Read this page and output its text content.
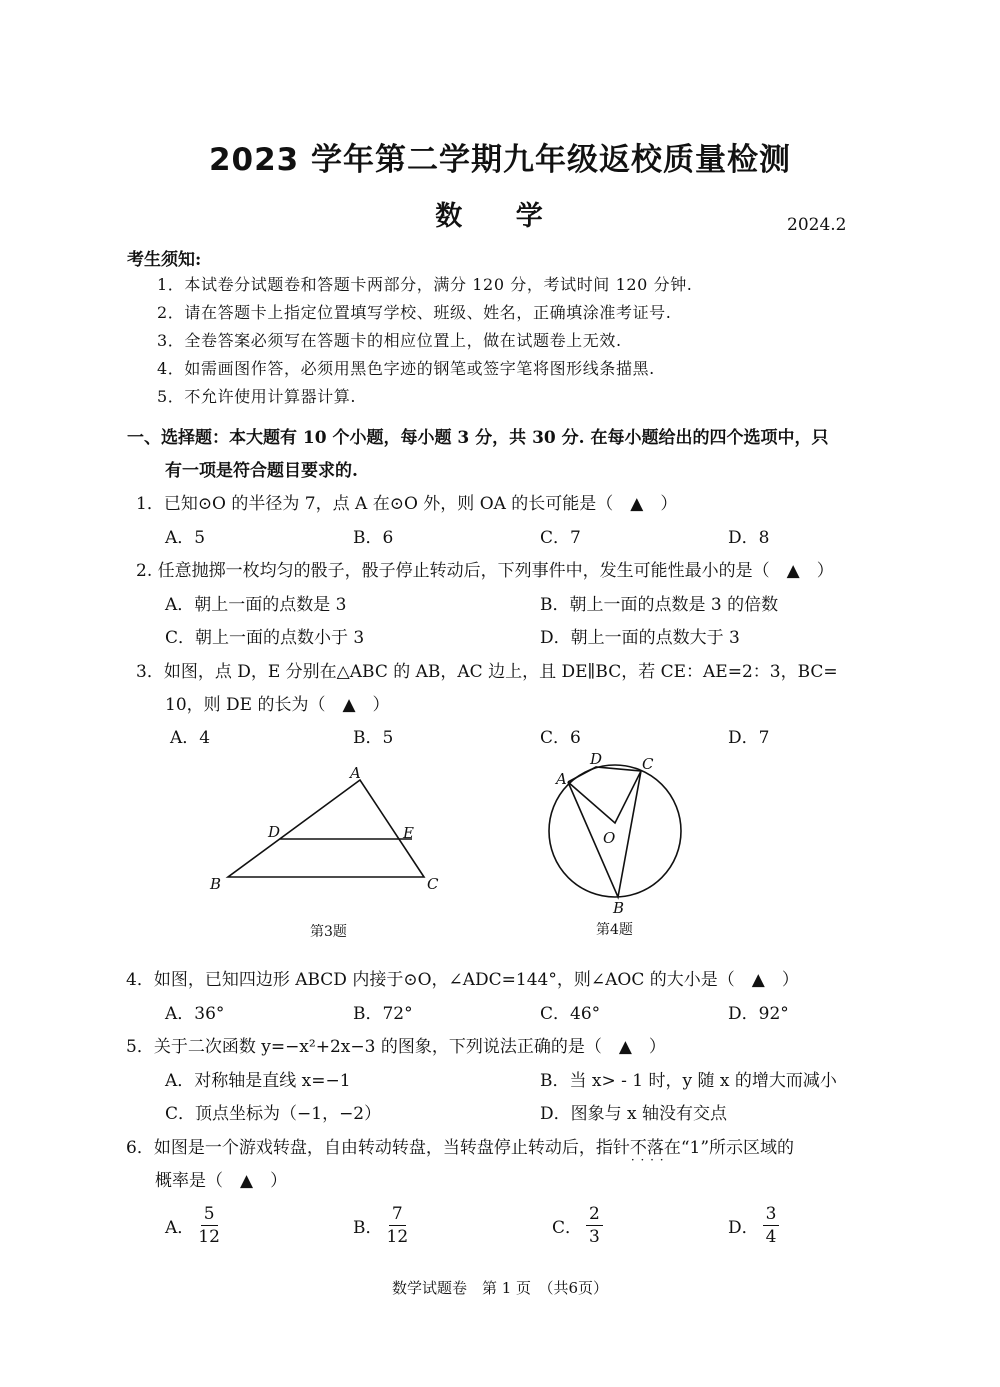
2023 学年第二学期九年级返校质量检测
数 学	2024.2
考生须知:
1．本试卷分试题卷和答题卡两部分，满分 120 分，考试时间 120 分钟.
2．请在答题卡上指定位置填写学校、班级、姓名，正确填涂准考证号.
3．全卷答案必须写在答题卡的相应位置上，做在试题卷上无效.
4．如需画图作答，必须用黑色字迹的钢笔或签字笔将图形线条描黑.
5．不允许使用计算器计算.
一、选择题：本大题有 10 个小题，每小题 3 分，共 30 分. 在每小题给出的四个选项中，只
有一项是符合题目要求的.
1．已知⊙O 的半径为 7，点 A 在⊙O 外，则 OA 的长可能是（　▲　）
A．5	B．6	C．7	D．8
2. 任意抛掷一枚均匀的骰子，骰子停止转动后，下列事件中，发生可能性最小的是（　▲　）
A．朝上一面的点数是 3	B．朝上一面的点数是 3 的倍数
C．朝上一面的点数小于 3	D．朝上一面的点数大于 3
3．如图，点 D，E 分别在△ABC 的 AB，AC 边上，且 DE∥BC，若 CE：AE=2：3，BC=
10，则 DE 的长为（　▲　）
A．4	B．5	C．6	D．7
A
D	E
B	C
第3题
A
D	C
O
B
第4题
4．如图，已知四边形 ABCD 内接于⊙O，∠ADC=144°，则∠AOC 的大小是（　▲　）
A．36°	B．72°	C．46°	D．92°
5．关于二次函数 y=−x²+2x−3 的图象，下列说法正确的是（　▲　）
A．对称轴是直线 x=−1	B．当 x> - 1 时，y 随 x 的增大而减小
C．顶点坐标为（−1，−2）	D．图象与 x 轴没有交点
6．如图是一个游戏转盘，自由转动转盘，当转盘停止转动后，指针不落在 · · · ·“1”所示区域的
概率是（　▲　）
A． $\frac{5}{12}$	B． $\frac{7}{12}$	C． $\frac{2}{3}$	D． $\frac{3}{4}$
数学试题卷　第 1 页　（共6页）
